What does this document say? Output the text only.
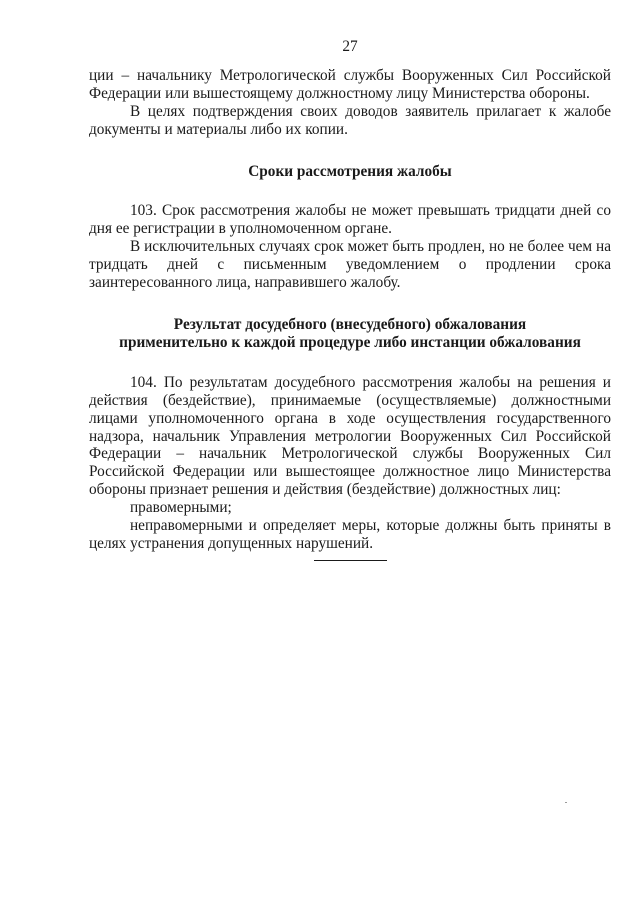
27

ции – начальнику Метрологической службы Вооруженных Сил Российской Федерации или вышестоящему должностному лицу Министерства обороны.

В целях подтверждения своих доводов заявитель прилагает к жалобе документы и материалы либо их копии.

Сроки рассмотрения жалобы

103. Срок рассмотрения жалобы не может превышать тридцати дней со дня ее регистрации в уполномоченном органе.

В исключительных случаях срок может быть продлен, но не более чем на тридцать дней с письменным уведомлением о продлении срока заинтересованного лица, направившего жалобу.

Результат досудебного (внесудебного) обжалования

применительно к каждой процедуре либо инстанции обжалования

104. По результатам досудебного рассмотрения жалобы на решения и действия (бездействие), принимаемые (осуществляемые) должностными лицами уполномоченного органа в ходе осуществления государственного надзора, начальник Управления метрологии Вооруженных Сил Российской Федерации – начальник Метрологической службы Вооруженных Сил Российской Федерации или вышестоящее должностное лицо Министерства обороны признает решения и действия (бездействие) должностных лиц:

правомерными;

неправомерными и определяет меры, которые должны быть приняты в целях устранения допущенных нарушений.
